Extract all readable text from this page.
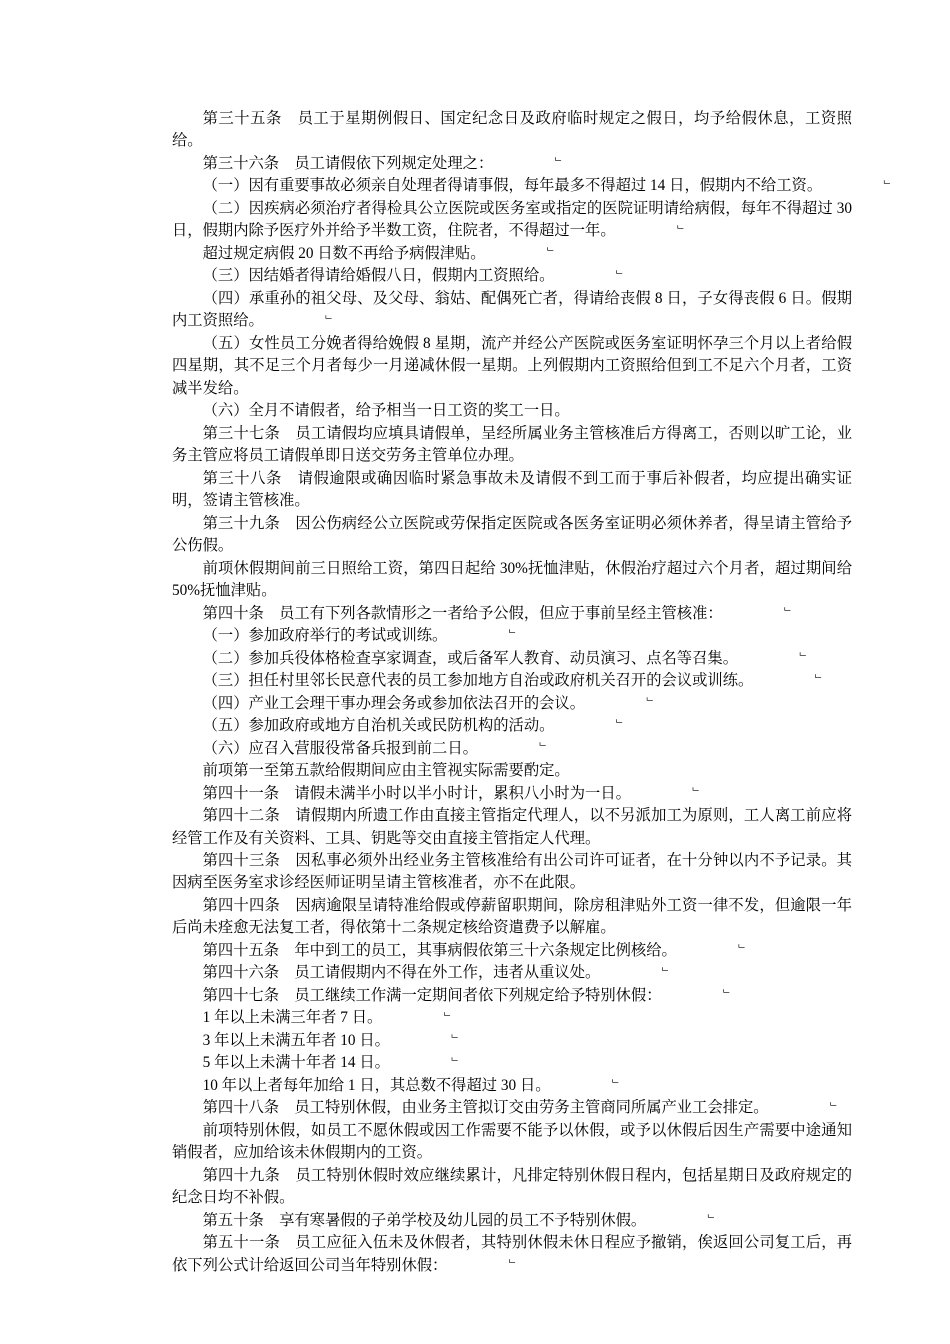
第三十五条　员工于星期例假日、国定纪念日及政府临时规定之假日，均予给假休息，工资照给。

第三十六条　员工请假依下列规定处理之：⌐

（一）因有重要事故必须亲自处理者得请事假，每年最多不得超过 14 日，假期内不给工资。⌐

（二）因疾病必须治疗者得检具公立医院或医务室或指定的医院证明请给病假，每年不得超过 30 日，假期内除予医疗外并给予半数工资，住院者，不得超过一年。⌐

超过规定病假 20 日数不再给予病假津贴。⌐

（三）因结婚者得请给婚假八日，假期内工资照给。⌐

（四）承重孙的祖父母、及父母、翁姑、配偶死亡者，得请给丧假 8 日，子女得丧假 6 日。假期内工资照给。⌐

（五）女性员工分娩者得给娩假 8 星期，流产并经公产医院或医务室证明怀孕三个月以上者给假四星期，其不足三个月者每少一月递减休假一星期。上列假期内工资照给但到工不足六个月者，工资减半发给。

（六）全月不请假者，给予相当一日工资的奖工一日。

第三十七条　员工请假均应填具请假单，呈经所属业务主管核准后方得离工，否则以旷工论，业务主管应将员工请假单即日送交劳务主管单位办理。

第三十八条　请假逾限或确因临时紧急事故未及请假不到工而于事后补假者，均应提出确实证明，签请主管核准。

第三十九条　因公伤病经公立医院或劳保指定医院或各医务室证明必须休养者，得呈请主管给予公伤假。

前项休假期间前三日照给工资，第四日起给 30%抚恤津贴，休假治疗超过六个月者，超过期间给 50%抚恤津贴。

第四十条　员工有下列各款情形之一者给予公假，但应于事前呈经主管核准：⌐

（一）参加政府举行的考试或训练。⌐

（二）参加兵役体格检查享家调查，或后备军人教育、动员演习、点名等召集。⌐

（三）担任村里邻长民意代表的员工参加地方自治或政府机关召开的会议或训练。⌐

（四）产业工会理干事办理会务或参加依法召开的会议。⌐

（五）参加政府或地方自治机关或民防机构的活动。⌐

（六）应召入营服役常备兵报到前二日。⌐

前项第一至第五款给假期间应由主管视实际需要酌定。

第四十一条　请假未满半小时以半小时计，累积八小时为一日。⌐

第四十二条　请假期内所遗工作由直接主管指定代理人，以不另派加工为原则，工人离工前应将经管工作及有关资料、工具、钥匙等交由直接主管指定人代理。

第四十三条　因私事必须外出经业务主管核准给有出公司许可证者，在十分钟以内不予记录。其因病至医务室求诊经医师证明呈请主管核准者，亦不在此限。

第四十四条　因病逾限呈请特准给假或停薪留职期间，除房租津贴外工资一律不发，但逾限一年后尚未痊愈无法复工者，得依第十二条规定核给资遣费予以解雇。

第四十五条　年中到工的员工，其事病假依第三十六条规定比例核给。⌐

第四十六条　员工请假期内不得在外工作，违者从重议处。⌐

第四十七条　员工继续工作满一定期间者依下列规定给予特别休假：⌐

1 年以上未满三年者 7 日。⌐

3 年以上未满五年者 10 日。⌐

5 年以上未满十年者 14 日。⌐

10 年以上者每年加给 1 日，其总数不得超过 30 日。⌐

第四十八条　员工特别休假，由业务主管拟订交由劳务主管商同所属产业工会排定。⌐

前项特别休假，如员工不愿休假或因工作需要不能予以休假，或予以休假后因生产需要中途通知销假者，应加给该未休假期内的工资。

第四十九条　员工特别休假时效应继续累计，凡排定特别休假日程内，包括星期日及政府规定的纪念日均不补假。

第五十条　享有寒暑假的子弟学校及幼儿园的员工不予特别休假。⌐

第五十一条　员工应征入伍未及休假者，其特别休假未休日程应予撤销，俟返回公司复工后，再依下列公式计给返回公司当年特别休假：⌐
